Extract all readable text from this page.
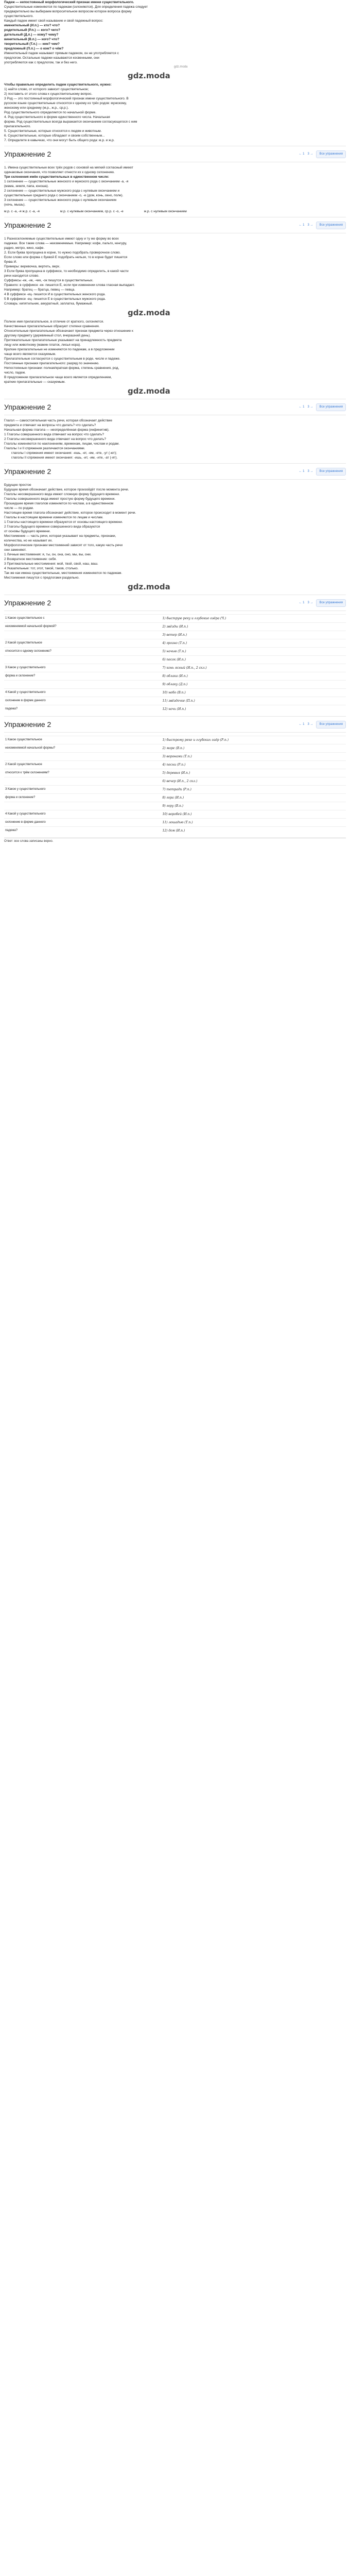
Падеж — непостоянный морфологический признак имени существительного.
Существительные изменяются по падежам (склоняются). Для определения падежа следует
предварительно вы выбираем вопросительное вопросом которое вопроса форму
существительного.
Каждый падеж имеет свой называние и свой падежный вопрос:
именительный (И.п.) — кто? что?
родительный (Р.п.) — кого? чего?
дательный (Д.п.) — кому? чему?
винительный (В.п.) — кого? что?
творительный (Т.п.) — кем? чем?
предложный (П.п.) — о ком? о чём?
Именительный падеж называют прямым падежом, он не употребляется с
предлогом. Остальные падежи называются косвенными, они
употребляются как с предлогом, так и без него.
gdz.moda
gdz.moda
Чтобы правильно определить падеж существительного, нужно:
1) найти слово, от которого зависит существительное;
2) поставить от этого слова к существительному вопрос.
3 Род — это постоянный морфологический признак имени существительного. В
русском языке существительные относятся к одному из трёх родов: мужскому,
женскому или среднему (м.р., ж.р., ср.р.).
Род существительного определяется по начальной форме.
4. Род существительного в форме единственного числа. Начальная
форма. Род существительных всегда выражается окончанием согласующегося с ним
прилагательного.
5. Существительные, которые относятся к людям и животным.
6. Существительные, которые обладают и своим собственным...
7. Определите в кавычках, что они могут быть общего рода: м.р. и ж.р.
Упражнение 2	← 1 3 →	Все упражнения
1. Имена существительные всех трёх родов с основой на мягкий согласный имеют
одинаковые окончания, что позволяет отнести их к одному склонению.
Три склонения имён существительных в единственном числе:
1 склонение — существительные женского и мужского рода с окончанием -а, -я
(мама, земля, папа, юноша).
2 склонение — существительные мужского рода с нулевым окончанием и
существительные среднего рода с окончанием -о, -е (дом, конь, окно, поле).
3 склонение — существительные женского рода с нулевым окончанием
(ночь, мышь).
м.р. с -а, -я ж.р. с -а, -я	м.р. с нулевым окончанием, ср.р. с -о, -е	ж.р. с нулевым окончанием
Упражнение 2	← 1 3 →	Все упражнения
1 Разносклоняемые существительные имеют одну и ту же форму во всех
падежах. Все такие слова — неизменяемые. Например: кофе, пальто, кенгуру,
радио, метро, кино, кафе.
2. Если буква пропущена в корне, то нужно подобрать проверочное слово.
Если слово или форма с буквой Е подобрать нельзя, то в корне будет пишется
буква И.
Примеры: веревочка, вертеть, верх.
3 Если буква пропущена в суффиксе, то необходимо определить, в какой части
речи находится слово.
Суффиксы -ек, -ик, -чик, -ок пишутся в существительных.
Правило: в суффиксе -ек- пишется Е, если при изменении слова гласная выпадает.
Например: братец — братца, певец — певца.
4 В суффиксе -иц- пишется И в существительных женского рода.
5 В суффиксе -ец- пишется Е в существительных мужского рода.
Словарь: кипятильник, аккуратный, заплатка, бумажный.
gdz.moda
Полное имя прилагательное, в отличие от краткого, склоняется.
Качественные прилагательные образуют степени сравнения.
Относительные прилагательные обозначают признак предмета через отношение к
другому предмету (деревянный стол, вчерашний день).
Притяжательные прилагательные указывают на принадлежность предмета
лицу или животному (мамин платок, лисья нора).
Краткие прилагательные не изменяются по падежам, а в предложении
чаще всего являются сказуемым.
Прилагательные согласуются с существительным в роде, числе и падеже.
Постоянные признаки прилагательного: разряд по значению.
Непостоянные признаки: полная/краткая форма, степень сравнения, род,
число, падеж.
В предложении прилагательное чаще всего является определением,
краткие прилагательные — сказуемым.
gdz.moda
Упражнение 2	← 1 3 →	Все упражнения
Глагол — самостоятельная часть речи, которая обозначает действие
предмета и отвечает на вопросы что делать? что сделать?
Начальная форма глагола — неопределённая форма (инфинитив).
1 Глаголы совершенного вида отвечают на вопрос что сделать?
2 Глаголы несовершенного вида отвечают на вопрос что делать?
Глаголы изменяются по наклонениям, временам, лицам, числам и родам.
Глаголы I и II спряжения различаются окончаниями.
глаголы I спряжения имеют окончания: -ешь, -ет, -ем, -ете, -ут (-ют);
глаголы II спряжения имеют окончания: -ишь, -ит, -им, -ите, -ат (-ят).
Упражнение 2	← 1 3 →	Все упражнения
Будущее простое
Будущее время обозначает действие, которое произойдёт после момента речи.
Глаголы несовершенного вида имеют сложную форму будущего времени.
Глаголы совершенного вида имеют простую форму будущего времени.
Прошедшее время глаголов изменяется по числам, а в единственном
числе — по родам.
Настоящее время глагола обозначает действие, которое происходит в момент речи.
Глаголы в настоящем времени изменяются по лицам и числам.
1 Глаголы настоящего времени образуются от основы настоящего времени.
2 Глаголы будущего времени совершенного вида образуются
от основы будущего времени.
Местоимение — часть речи, которая указывает на предметы, признаки,
количества, но не называет их.
Морфологические признаки местоимений зависят от того, какую часть речи
они заменяют.
1 Личные местоимения: я, ты, он, она, оно, мы, вы, они.
2 Возвратное местоимение: себя.
3 Притяжательные местоимения: мой, твой, свой, наш, ваш.
4 Указательные: тот, этот, такой, таков, столько.
Так же как имена существительные, местоимения изменяются по падежам.
Местоимения пишутся с предлогами раздельно.
gdz.moda
Упражнение 2	← 1 3 →	Все упражнения
1 Какое существительное с	1) быструю реку и глубокие озёра (Ч.)
неизменяемой начальной формой?	2) звёзды (И.п.)
	3) ветер (И.п.)
2 Какой существительное	4) грозно (Т.п.)
относится к одному склонению?	5) ночью (Т.п.)
	6) песок (И.п.)
3 Какое у существительного	7) конь ясный (И.п., 2 скл.)
форма и склонение?	8) облака (И.п.)
	9) облаку (Д.п.)
4 Какой у существительного	10) небо (В.п.)
склонение в форме данного	11) звёздочке (П.п.)
падежа?	12) ночь (И.п.)
Упражнение 2	← 1 3 →	Все упражнения
1 Какое существительное	1) быстрому реке и глубоких озёр (Р.п.)
неизменяемой начальной формы?	2) море (В.п.)
	3) воронами (Т.п.)
2 Какой существительное	4) песни (Р.п.)
относится к трём склонениям?	5) деревня (И.п.)
	6) вечер (И.п., 2 скл.)
3 Какое у существительного	7) тетради (Р.п.)
форма и склонение?	8) гора (И.п.)
	9) гору (В.п.)
4 Какой у существительного	10) воробей (И.п.)
склонение в форме данного	11) лошадью (Т.п.)
падежа?	12) дом (И.п.)
Ответ: все слова записаны верно.
